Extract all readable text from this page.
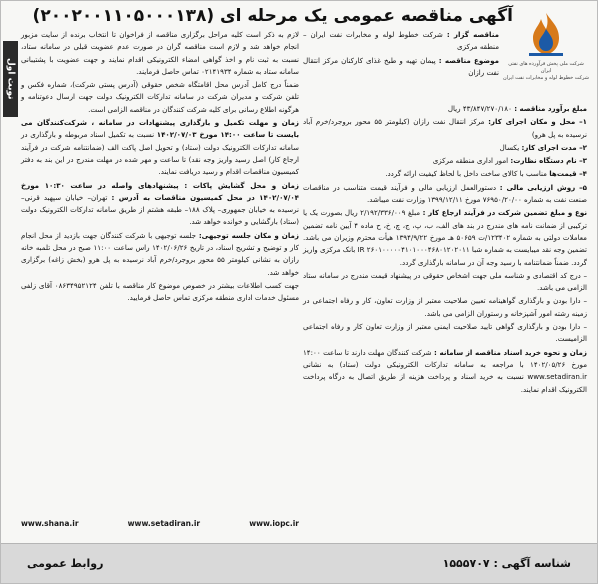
آگهی مناقصه عمومی یک مرحله ای (۲۰۰۲۰۰۱۱۰۵۰۰۰۱۳۸)
شرکت ملی پخش فرآورده های نفتی ایران
شرکت خطوط لوله و مخابرات نفت ایران
نوبت اول

مناقصه گزار : شرکت خطوط لوله و مخابرات نفت ایران – منطقه مرکزی

موضوع مناقصه : پیمان تهیه و طبخ غذای کارکنان مرکز انتقال نفت رازان

مبلغ برآورد مناقصه : ۴۳/۸۴۷/۲۷۰/۱۸۰ ریال

۱– محل و مکان اجرای کار: مرکز انتقال نفت رازان (کیلومتر ۵۵ محور بروجرد/خرم آباد نرسیده به پل هرو)

۲– مدت اجرای کار: یکسال

۳– نام دستگاه نظارت: امور اداری منطقه مرکزی

۴– قیمت‌ها مناسب با کالای ساخت داخل با لحاظ کیفیت ارائه گردد.

۵– روش ارزیابی مالی : دستورالعمل ارزیابی مالی و فرآیند قیمت متناسب در مناقصات صنعت نفت به شماره ۷۶۹۵۰/۲۰/۰۰ مورخ ۱۳۹۹/۱۲/۱۱ وزارت نفت میباشد.

نوع و مبلغ تضمین شرکت در فرآیند ارجاع کار : مبلغ ۲/۱۹۲/۳۳۶/۰۰۹ ریال بصورت یک یا ترکیبی از ضمانت نامه های مندرج در بند های الف، ب، پ، ج، چ، خ، ح ماده ۴ آیین نامه تضمین معاملات دولتی به شماره ۱۲۳۴۰۲/ت ۵۰۶۵۹ هـ مورخ ۱۳۹۴/۹/۲۲ هیأت محترم وزیران می باشد. تضمین وجه نقد میبایست به شماره شبا IR ۲۶۰۱۰۰۰۰۰۴۱۰۱۰۰۰۴۶۸۰۱۲۰۲۰۱۱ بانک مرکزی واریز گردد. ضمناً ضمانتنامه با رسید وجه آن در سامانه بارگذاری گردد.

– درج کد اقتصادی و شناسه ملی جهت اشخاص حقوقی در پیشنهاد قیمت مندرج در سامانه ستاد الزامی می باشد.

– دارا بودن و بارگذاری گواهینامه تعیین صلاحیت معتبر از وزارت تعاون، کار و رفاه اجتماعی در زمینه رشته امور آشپزخانه و رستوران الزامی می باشد.

– دارا بودن و بارگذاری گواهی تایید صلاحیت ایمنی معتبر از وزارت تعاون کار و رفاه اجتماعی الزامیست.

زمان و نحوه خرید اسناد مناقصه از سامانه : شرکت کنندگان مهلت دارند تا ساعت ۱۴:۰۰ مورخ ۱۴۰۲/۰۵/۲۶ با مراجعه به سامانه تدارکات الکترونیکی دولت (ستاد) به نشانی www.setadiran.ir نسبت به خرید اسناد و پرداخت هزینه از طریق اتصال به درگاه پرداخت الکترونیک اقدام نمایند.

لازم به ذکر است کلیه مراحل برگزاری مناقصه از فراخوان تا انتخاب برنده از سایت مزبور انجام خواهد شد و لازم است مناقصه گران در صورت عدم عضویت قبلی در سامانه ستاد، نسبت به ثبت نام و اخذ گواهی امضاء الکترونیکی اقدام نمایند و جهت عضویت با پشتیبانی سامانه ستاد به شماره ۰۲۱۴۱۹۳۴ تماس حاصل فرمایند.

ضمناً درج کامل آدرس محل اقامتگاه شخص حقوقی (آدرس پستی شرکت)، شماره فکس و تلفن شرکت و مدیران شرکت در سامانه تدارکات الکترونیک دولت جهت ارسال دعوتنامه و هرگونه اطلاع رسانی برای کلیه شرکت کنندگان در مناقصه الزامی است.

زمان و مهلت تکمیل و بارگذاری پیشنهادات در سامانه ، شرکت‌کنندگان می بایست تا ساعت ۱۴:۰۰ مورخ ۱۴۰۲/۰۷/۰۳ نسبت به تکمیل اسناد مربوطه و بارگذاری در سامانه تدارکات الکترونیک دولت (ستاد) و تحویل اصل پاکت الف (ضمانتنامه شرکت در فرآیند ارجاع کار) اصل رسید واریز وجه نقد) تا ساعت و مهر شده در مهلت مندرج در این بند به دفتر کمیسیون مناقصات اقدام و رسید دریافت نمایند.

زمان و محل گشایش پاکات : پیشنهادهای واصله در ساعت ۱۰:۳۰ مورخ ۱۴۰۲/۰۷/۰۴ در محل کمیسیون مناقصات به آدرس : تهران– خیابان سپهبد قرنی– نرسیده به خیابان جمهوری– پلاک ۱۸۸– طبقه هشتم از طریق سامانه تدارکات الکترونیک دولت (ستاد) بارگشایی و خوانده خواهد شد.

زمان و مکان جلسه توجیهی: جلسه توجیهی با شرکت کنندگان جهت بازدید از محل انجام کار و توضیح و تشریح اسناد، در تاریخ ۱۴۰۲/۰۶/۲۶ راس ساعت ۱۱:۰۰ صبح در محل تلمبه خانه رازان به نشانی کیلومتر ۵۵ محور بروجرد/خرم آباد نرسیده به پل هرو (بخش زاغه) برگزاری خواهد شد.

جهت کسب اطلاعات بیشتر در خصوص موضوع کار مناقصه با تلفن ۰۸۶۳۴۹۵۲۱۲۴ آقای زلفی مسئول خدمات اداری منطقه مرکزی تماس حاصل فرمایید.

www.shana.ir	www.setadiran.ir	www.iopc.ir
شناسه آگهی : ۱۵۵۵۷۰۷
روابط عمومی
